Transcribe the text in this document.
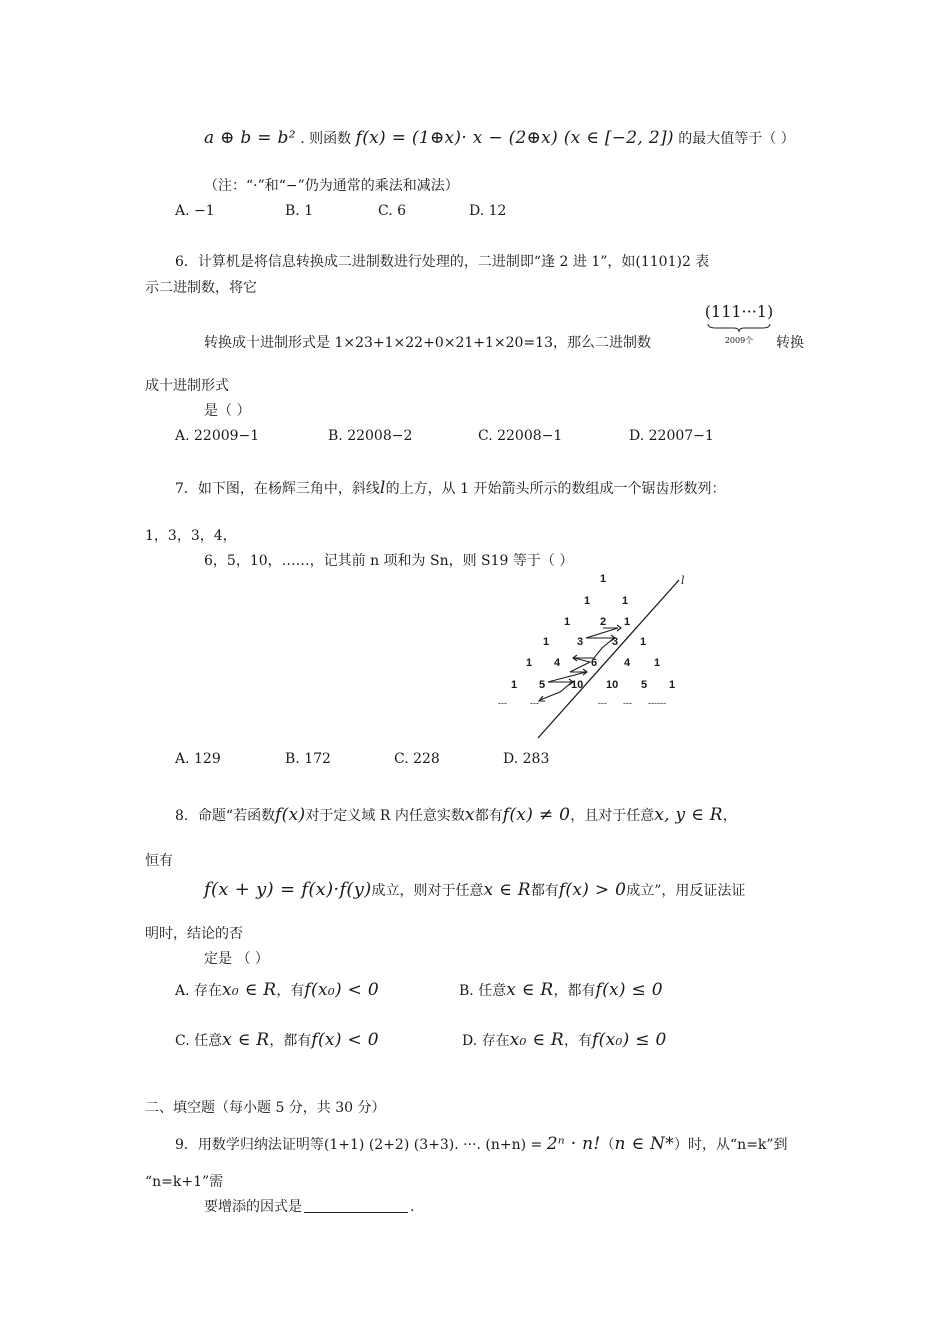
a ⊕ b = b² . 则函数 f(x) = (1⊕x)· x − (2⊕x) (x ∈ [−2, 2]) 的最大值等于（ ）
（注：“·”和“−”仍为通常的乘法和减法）
A. −1	B. 1	C. 6	D. 12
6．计算机是将信息转换成二进制数进行处理的，二进制即“逢 2 进 1”，如(1101)2 表
示二进制数，将它
转换成十进制形式是 1×23+1×22+0×21+1×20=13，那么二进制数
(111···1)
2009个	转换
成十进制形式
是（ ）
A. 22009−1	B. 22008−2	C. 22008−1	D. 22007−1
7．如下图，在杨辉三角中，斜线l的上方，从 1 开始箭头所示的数组成一个锯齿形数列：
1，3，3，4，
6，5，10，……，记其前 n 项和为 Sn，则 S19 等于（ ）
1
1	1
1	2 1
1	3	3 1
1 4	6 4 1
1 5 10 10 5 1
---	---	--- --- ------
l
A. 129	B. 172	C. 228	D. 283
8．命题“若函数f(x)对于定义域 R 内任意实数x都有f(x) ≠ 0，且对于任意x, y ∈ R，
恒有
f(x + y) = f(x)·f(y)成立，则对于任意x ∈ R都有f(x) > 0成立”，用反证法证
明时，结论的否
定是 （ ）
A. 存在x₀ ∈ R，有f(x₀) < 0	B. 任意x ∈ R，都有f(x) ≤ 0
C. 任意x ∈ R，都有f(x) < 0	D. 存在x₀ ∈ R，有f(x₀) ≤ 0
二、填空题（每小题 5 分，共 30 分）
9．用数学归纳法证明等(1+1) (2+2) (3+3). ···. (n+n) = 2ⁿ · n!（n ∈ N*）时，从“n=k”到
“n=k+1”需
要增添的因式是	.
